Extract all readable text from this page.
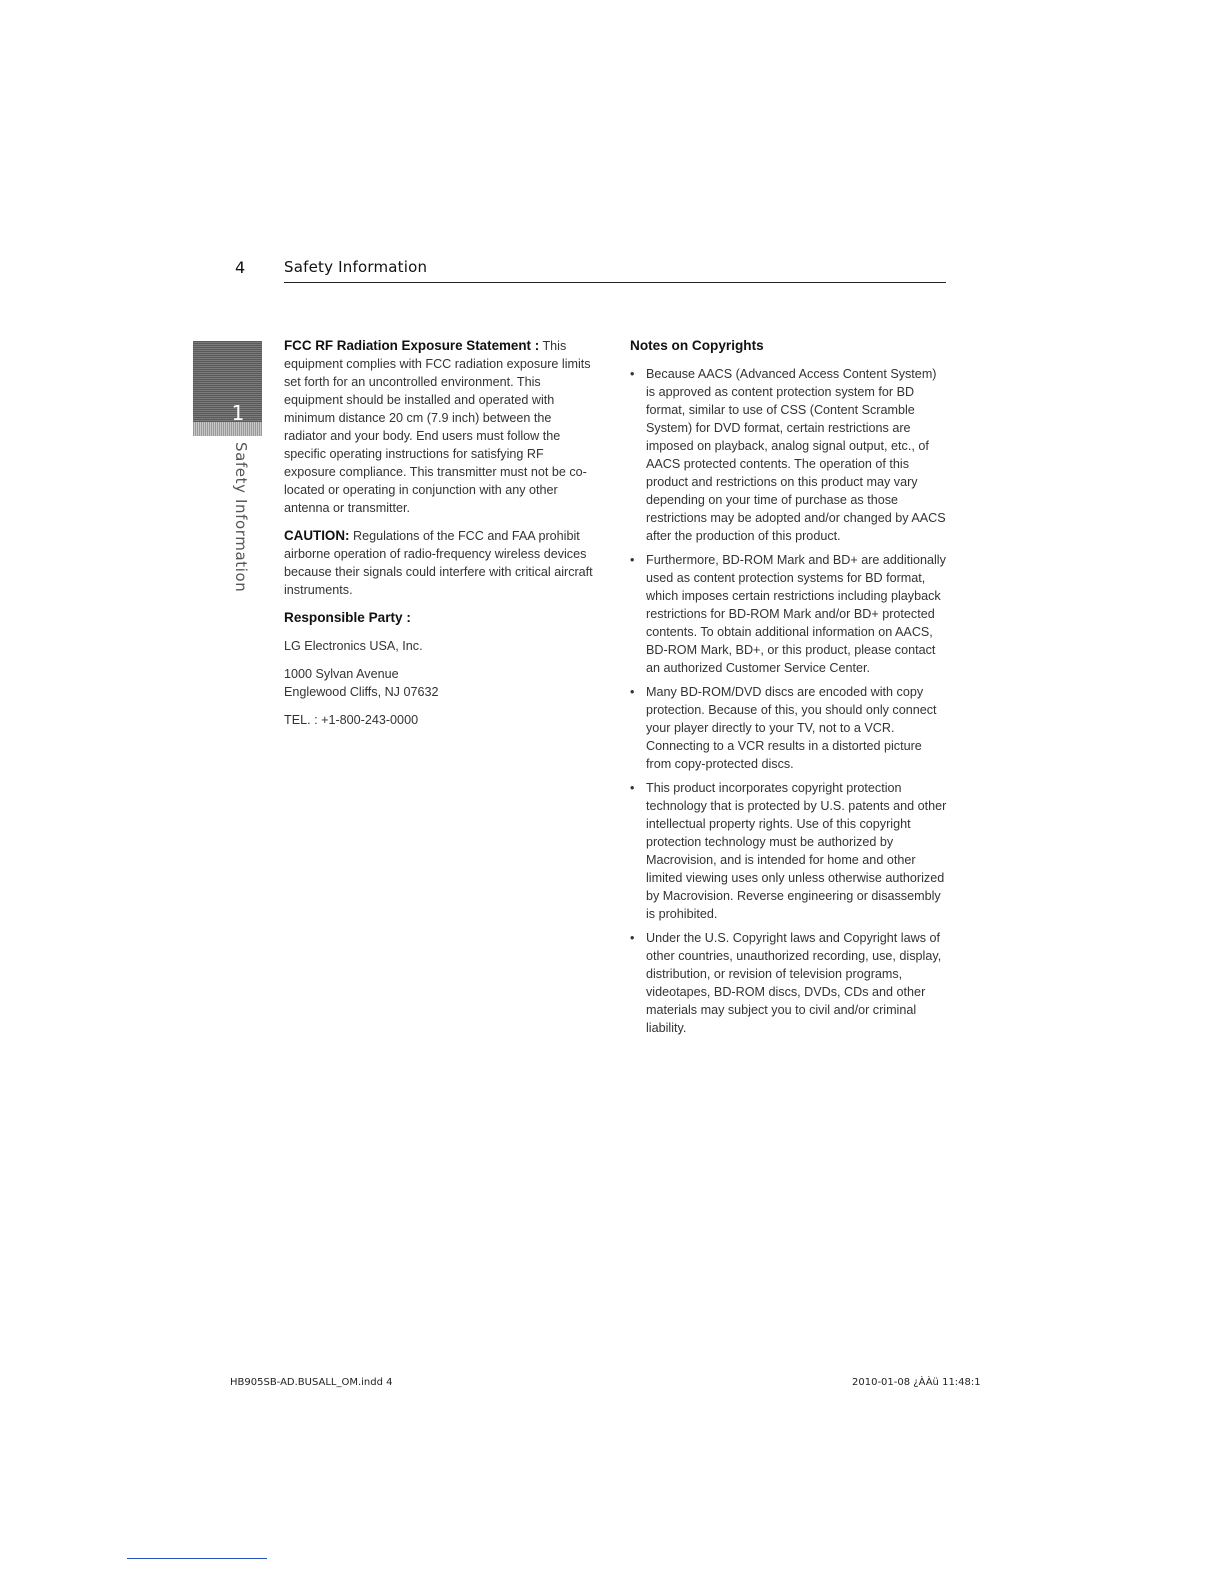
4	Safety Information
1
Safety Information

FCC RF Radiation Exposure Statement : This equipment complies with FCC radiation exposure limits set forth for an uncontrolled environment. This equipment should be installed and operated with minimum distance 20 cm (7.9 inch) between the radiator and your body. End users must follow the specific operating instructions for satisfying RF exposure compliance. This transmitter must not be co-located or operating in conjunction with any other antenna or transmitter.

CAUTION: Regulations of the FCC and FAA prohibit airborne operation of radio-frequency wireless devices because their signals could interfere with critical aircraft instruments.

Responsible Party :

LG Electronics USA, Inc.

1000 Sylvan Avenue
Englewood Cliffs, NJ 07632

TEL. : +1-800-243-0000

Notes on Copyrights

• Because AACS (Advanced Access Content System) is approved as content protection system for BD format, similar to use of CSS (Content Scramble System) for DVD format, certain restrictions are imposed on playback, analog signal output, etc., of AACS protected contents. The operation of this product and restrictions on this product may vary depending on your time of purchase as those restrictions may be adopted and/or changed by AACS after the production of this product.
• Furthermore, BD-ROM Mark and BD+ are additionally used as content protection systems for BD format, which imposes certain restrictions including playback restrictions for BD-ROM Mark and/or BD+ protected contents. To obtain additional information on AACS, BD-ROM Mark, BD+, or this product, please contact an authorized Customer Service Center.
• Many BD-ROM/DVD discs are encoded with copy protection. Because of this, you should only connect your player directly to your TV, not to a VCR. Connecting to a VCR results in a distorted picture from copy-protected discs.
• This product incorporates copyright protection technology that is protected by U.S. patents and other intellectual property rights. Use of this copyright protection technology must be authorized by Macrovision, and is intended for home and other limited viewing uses only unless otherwise authorized by Macrovision. Reverse engineering or disassembly is prohibited.
• Under the U.S. Copyright laws and Copyright laws of other countries, unauthorized recording, use, display, distribution, or revision of television programs, videotapes, BD-ROM discs, DVDs, CDs and other materials may subject you to civil and/or criminal liability.
HB905SB-AD.BUSALL_OM.indd 4	2010-01-08 ¿ÀÀü 11:48:1
